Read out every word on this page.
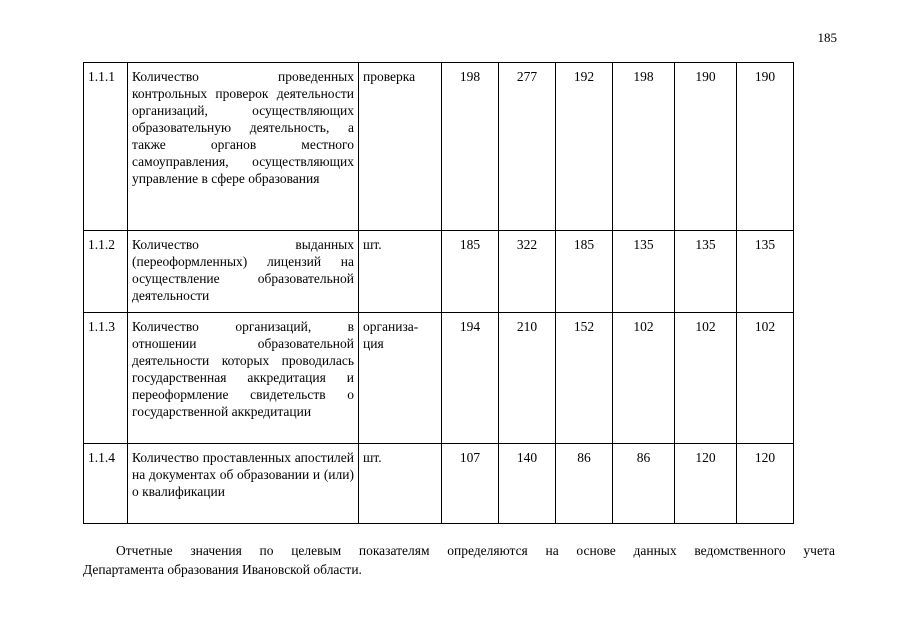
185
1.1.1	Количество проведенных контрольных проверок деятельности организаций, осуществляющих образовательную деятельность, а также органов местного самоуправления, осуществляющих управление в сфере образования	проверка	198	277	192	198	190	190
1.1.2	Количество выданных (переоформленных) лицензий на осуществление образовательной деятельности	шт.	185	322	185	135	135	135
1.1.3	Количество организаций, в отношении образовательной деятельности которых проводилась государственная аккредитация и переоформление свидетельств о государственной аккредитации	организа-ция	194	210	152	102	102	102
1.1.4	Количество проставленных апостилей на документах об образовании и (или) о квалификации	шт.	107	140	86	86	120	120
Отчетные значения по целевым показателям определяются на основе данных ведомственного учета
Департамента образования Ивановской области.
